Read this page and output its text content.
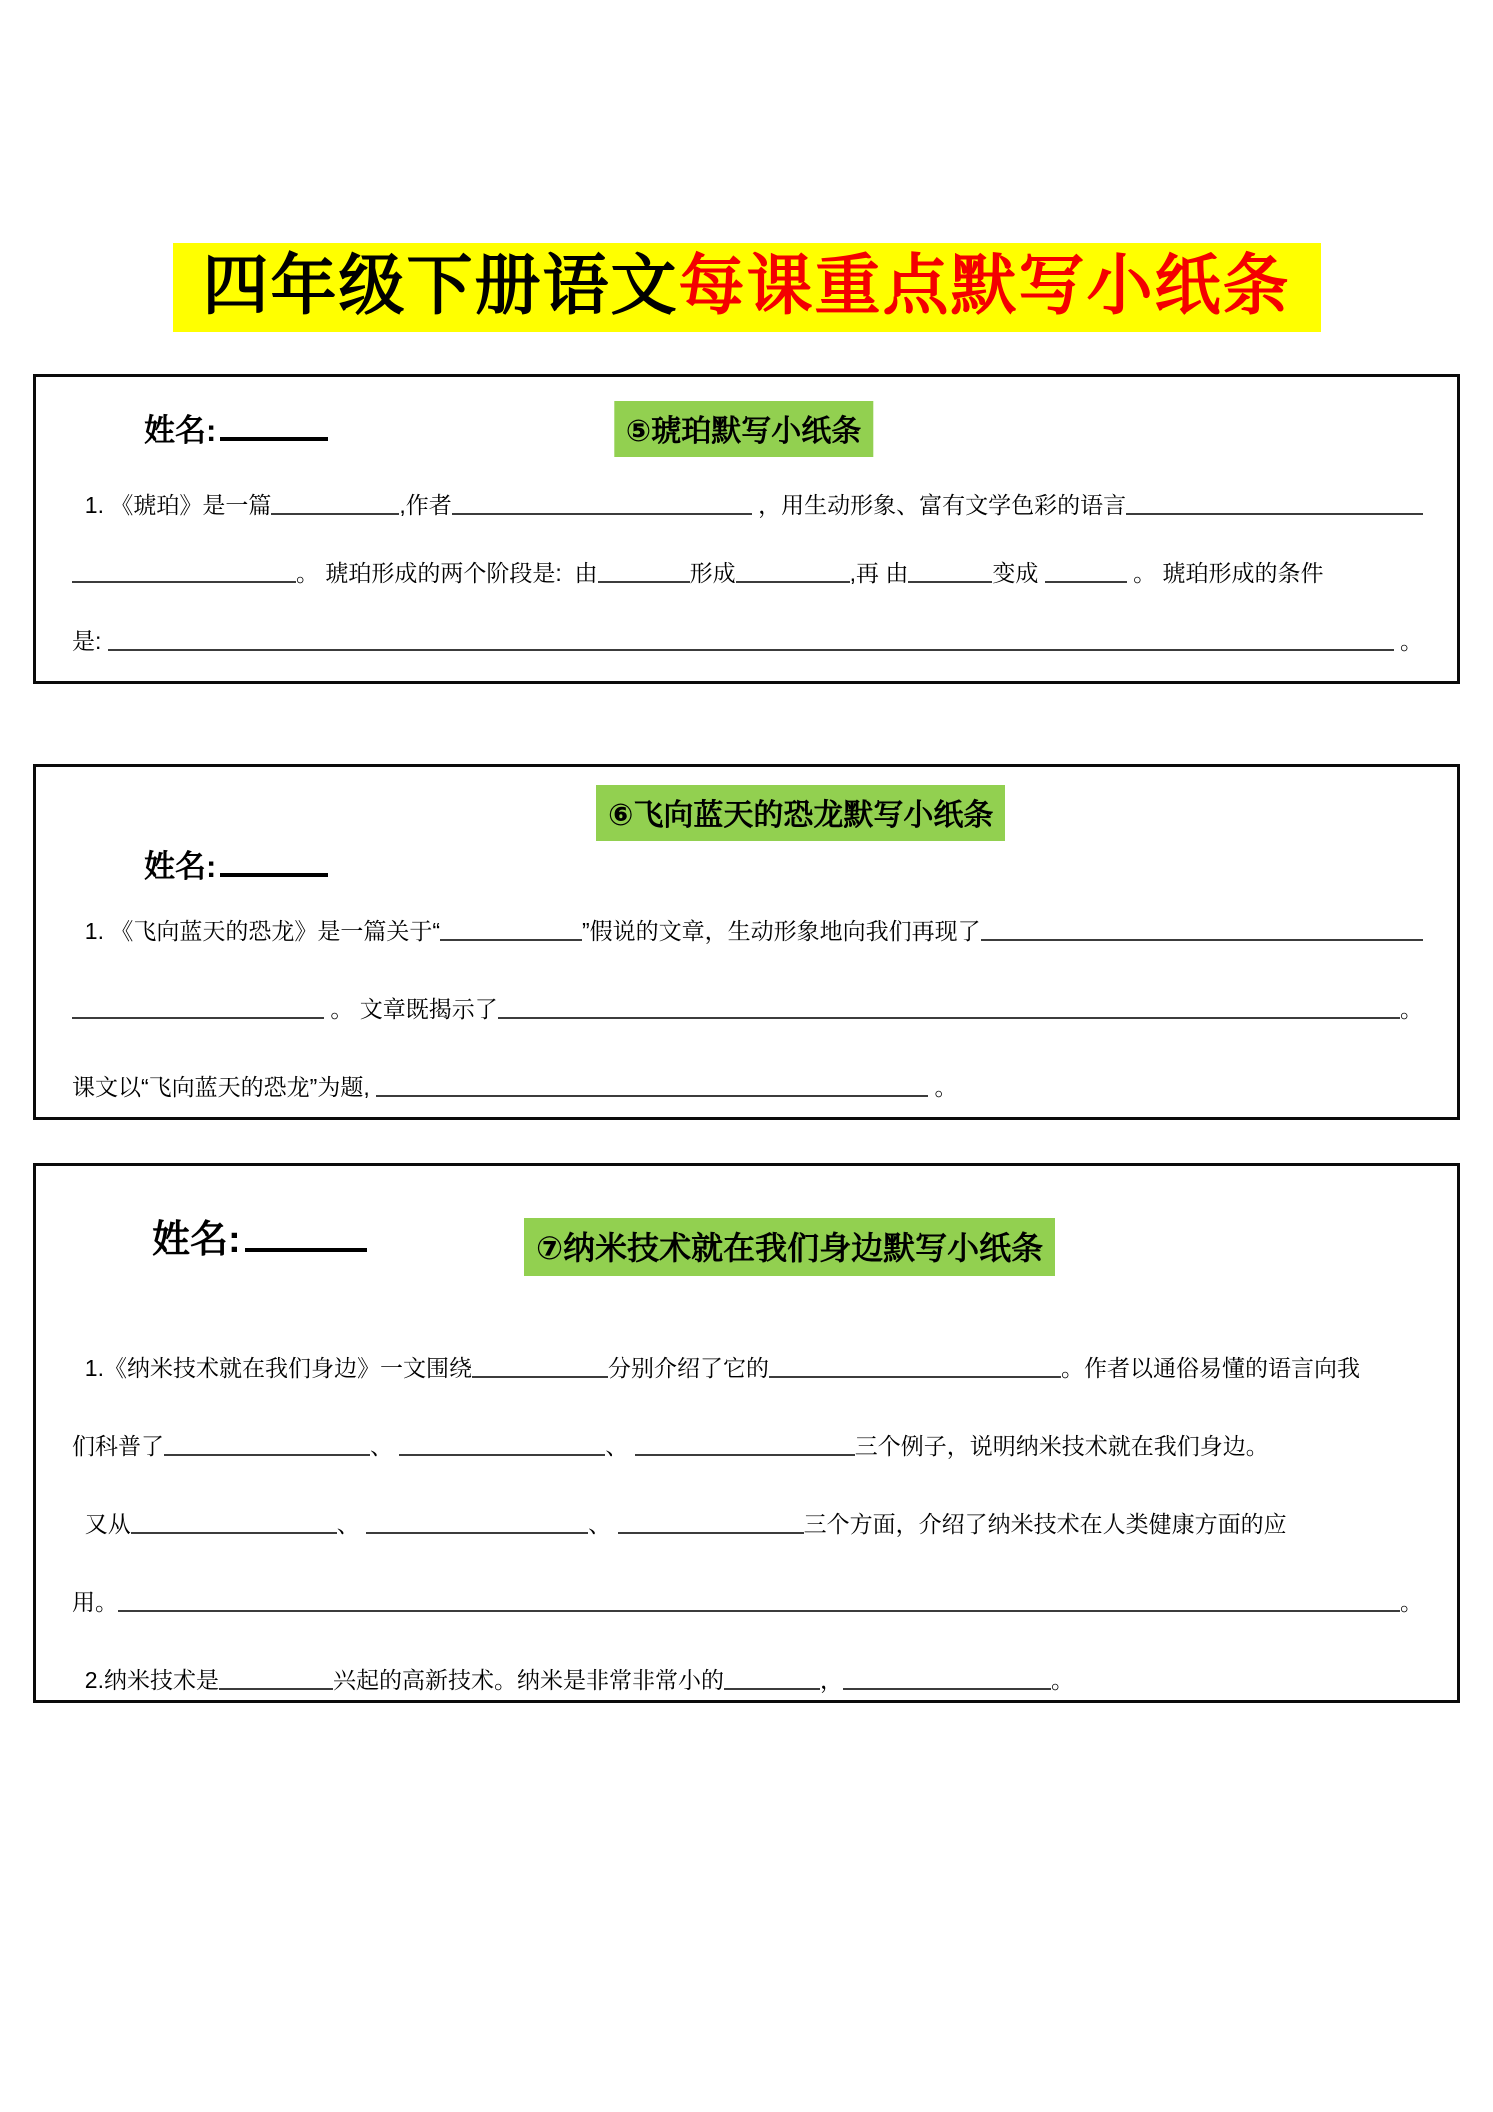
四年级下册语文每课重点默写小纸条
姓名:	⑤琥珀默写小纸条
1. 《琥珀》是一篇	,作者	，用生动形象、富有文学色彩的语言
。 琥珀形成的两个阶段是:  由	形成	,再 由	变成	。 琥珀形成的条件
是:	。
⑥飞向蓝天的恐龙默写小纸条
姓名:
1. 《飞向蓝天的恐龙》是一篇关于“	”假说的文章，生动形象地向我们再现了
。 文章既揭示了	。
课文以“飞向蓝天的恐龙”为题,	。
姓名:	⑦纳米技术就在我们身边默写小纸条
1.《纳米技术就在我们身边》一文围绕	分别介绍了它的	。作者以通俗易懂的语言向我
们科普了	、	、	三个例子，说明纳米技术就在我们身边。
又从	、	、	三个方面，介绍了纳米技术在人类健康方面的应
用。	。
2.纳米技术是	兴起的高新技术。纳米是非常非常小的	，	。
